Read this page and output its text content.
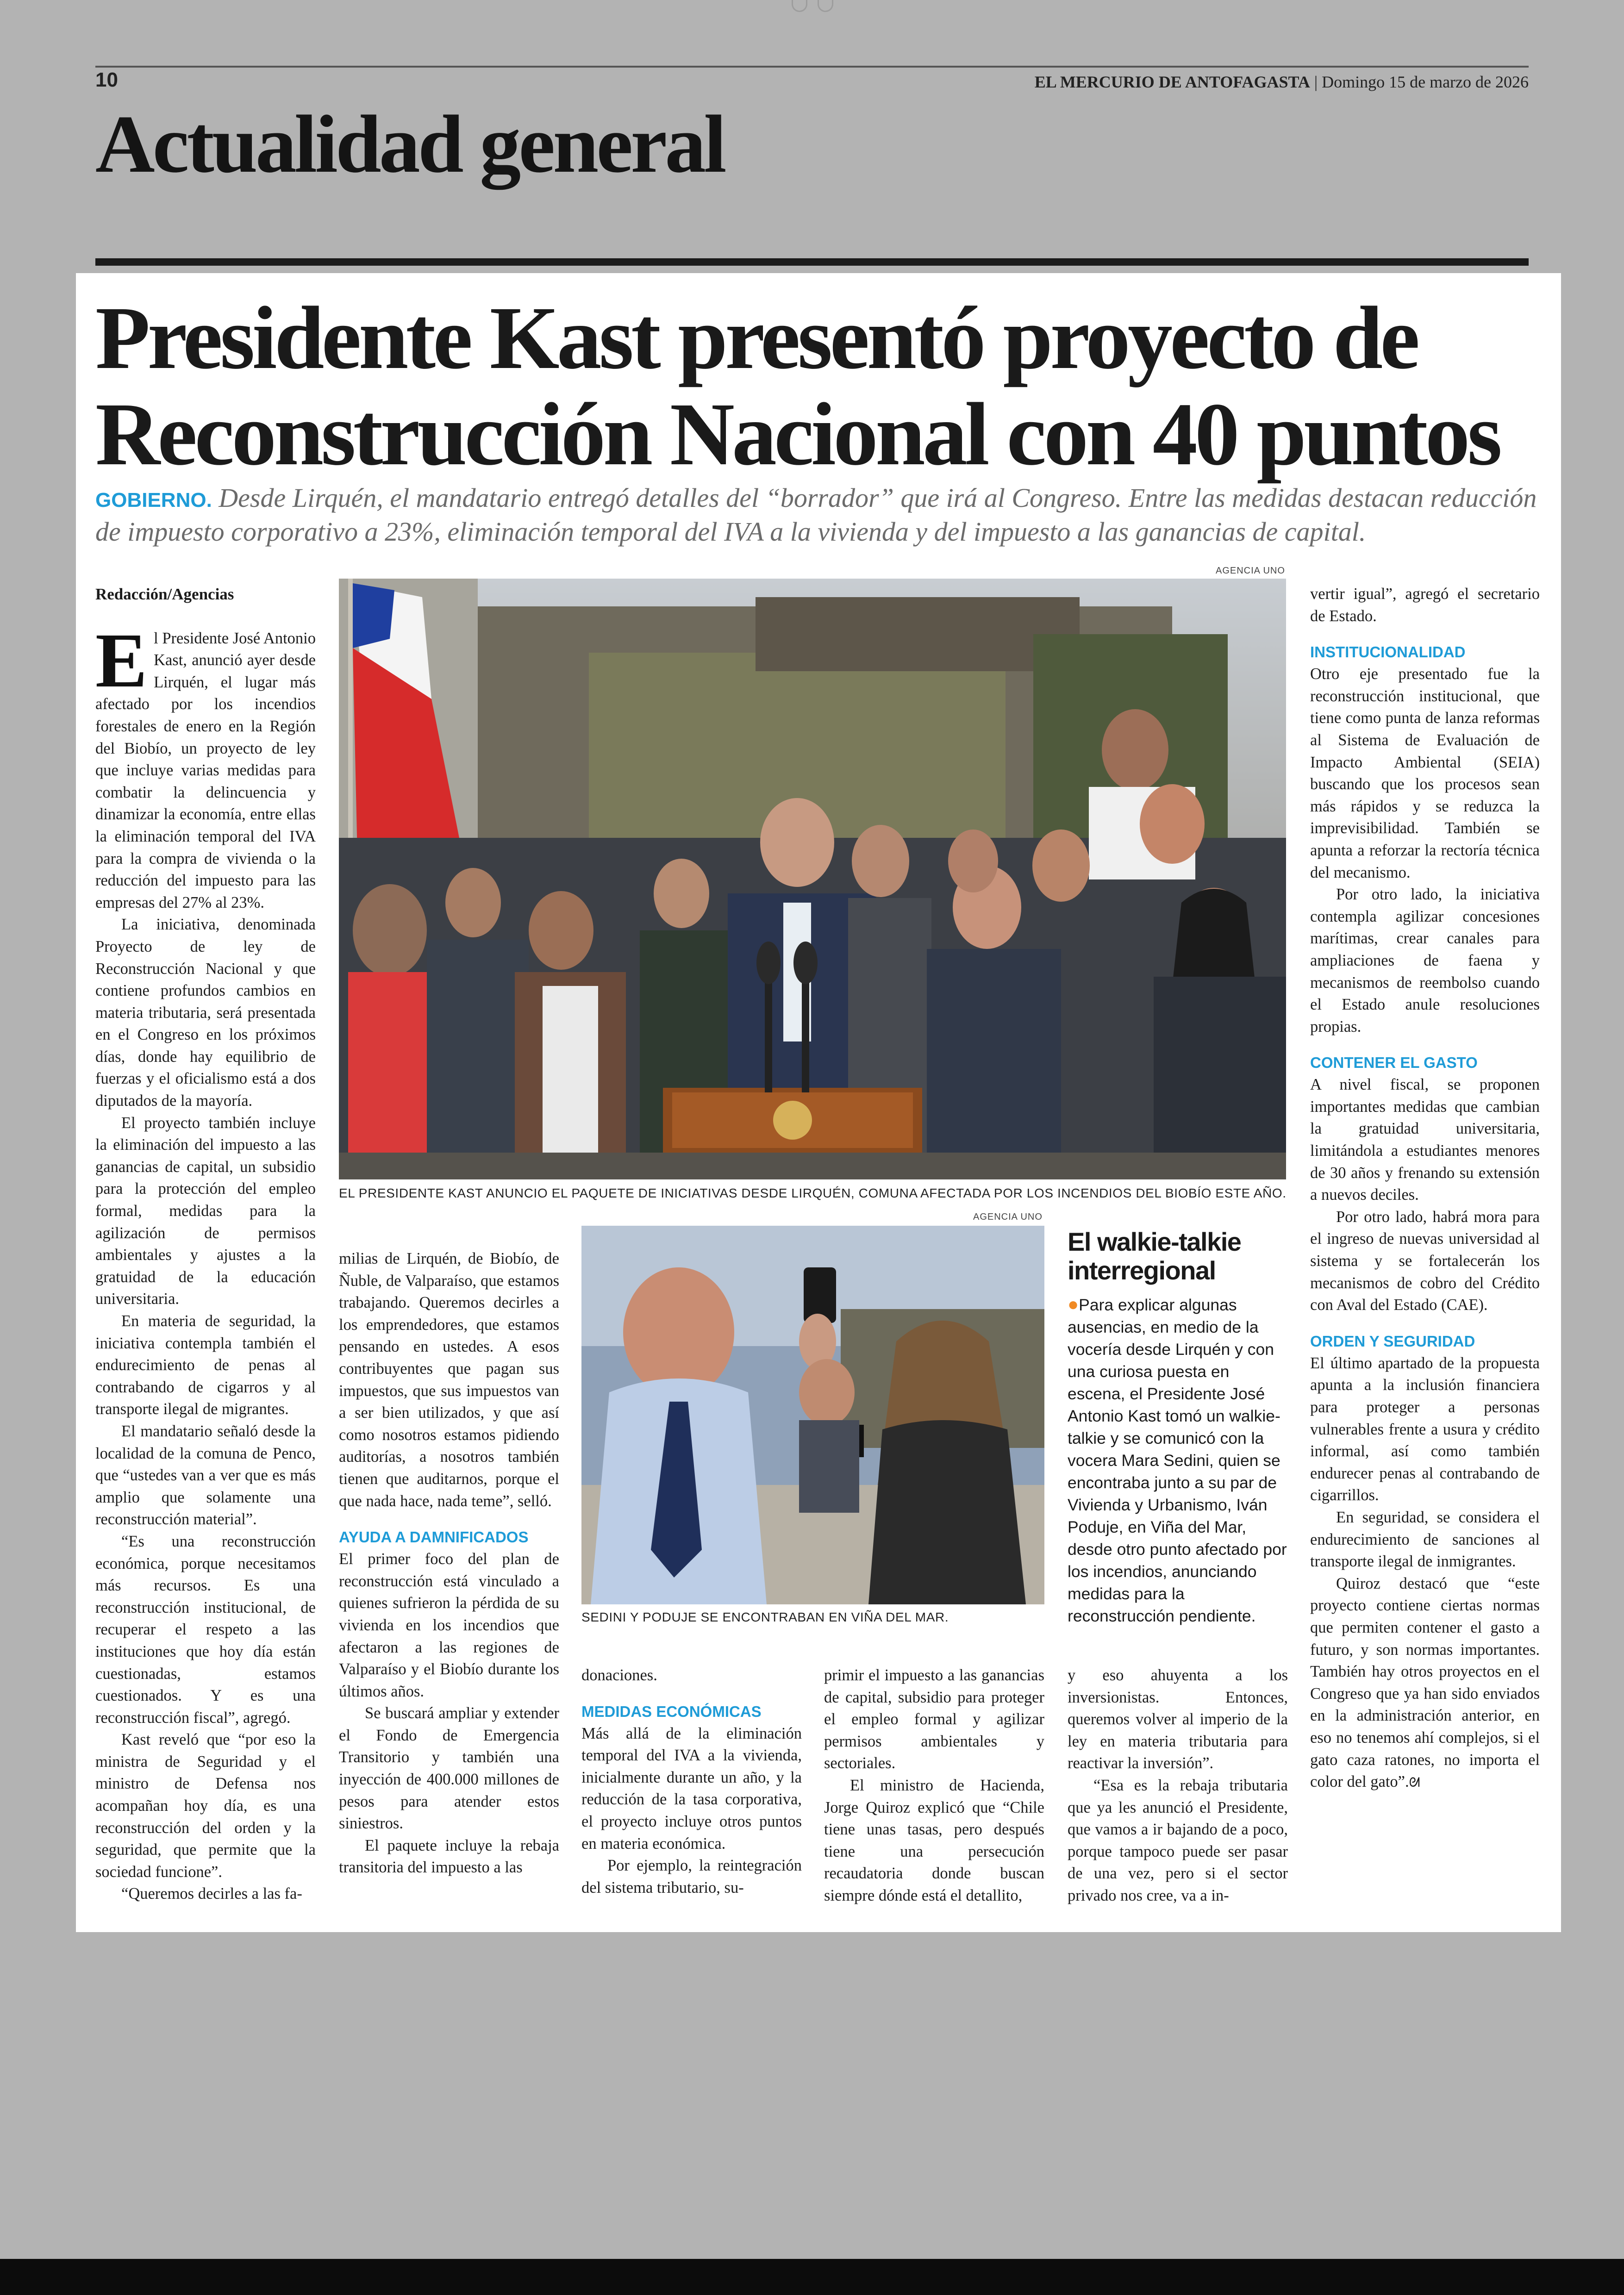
10	EL MERCURIO DE ANTOFAGASTA | Domingo 15 de marzo de 2026
Actualidad general
Presidente Kast presentó proyecto de
Reconstrucción Nacional con 40 puntos
GOBIERNO. Desde Lirquén, el mandatario entregó detalles del “borrador” que irá al Congreso. Entre las medidas destacan reducción de impuesto corporativo a 23%, eliminación temporal del IVA a la vivienda y del impuesto a las ganancias de capital.

Redacción/Agencias

El Presidente José Antonio Kast, anunció ayer desde Lirquén, el lugar más afectado por los incendios forestales de enero en la Región del Biobío, un proyecto de ley que incluye varias medidas para combatir la delincuencia y dinamizar la economía, entre ellas la eliminación temporal del IVA para la compra de vivienda o la reducción del impuesto para las empresas del 27% al 23%.

La iniciativa, denominada Proyecto de ley de Reconstrucción Nacional y que contiene profundos cambios en materia tributaria, será presentada en el Congreso en los próximos días, donde hay equilibrio de fuerzas y el oficialismo está a dos diputados de la mayoría.

El proyecto también incluye la eliminación del impuesto a las ganancias de capital, un subsidio para la protección del empleo formal, medidas para la agilización de permisos ambientales y ajustes a la gratuidad de la educación universitaria.

En materia de seguridad, la iniciativa contempla también el endurecimiento de penas al contrabando de cigarros y al transporte ilegal de migrantes.

El mandatario señaló desde la localidad de la comuna de Penco, que “ustedes van a ver que es más amplio que solamente una reconstrucción material”.

“Es una reconstrucción económica, porque necesitamos más recursos. Es una reconstrucción institucional, de recuperar el respeto a las instituciones que hoy día están cuestionadas, estamos cuestionados. Y es una reconstrucción fiscal”, agregó.

Kast reveló que “por eso la ministra de Seguridad y el ministro de Defensa nos acompañan hoy día, es una reconstrucción del orden y la seguridad, que permite que la sociedad funcione”.

“Queremos decirles a las fa-

AGENCIA UNO
EL PRESIDENTE KAST ANUNCIO EL PAQUETE DE INICIATIVAS DESDE LIRQUÉN, COMUNA AFECTADA POR LOS INCENDIOS DEL BIOBÍO ESTE AÑO.

milias de Lirquén, de Biobío, de Ñuble, de Valparaíso, que estamos trabajando. Queremos decirles a los emprendedores, que estamos pensando en ustedes. A esos contribuyentes que pagan sus impuestos, que sus impuestos van a ser bien utilizados, y que así como nosotros estamos pidiendo auditorías, a nosotros también tienen que auditarnos, porque el que nada hace, nada teme”, selló.

AYUDA A DAMNIFICADOS

El primer foco del plan de reconstrucción está vinculado a quienes sufrieron la pérdida de su vivienda en los incendios que afectaron a las regiones de Valparaíso y el Biobío durante los últimos años.

Se buscará ampliar y extender el Fondo de Emergencia Transitorio y también una inyección de 400.000 millones de pesos para atender estos siniestros.

El paquete incluye la rebaja transitoria del impuesto a las

AGENCIA UNO
SEDINI Y PODUJE SE ENCONTRABAN EN VIÑA DEL MAR.

donaciones.

MEDIDAS ECONÓMICAS

Más allá de la eliminación temporal del IVA a la vivienda, inicialmente durante un año, y la reducción de la tasa corporativa, el proyecto incluye otros puntos en materia económica.

Por ejemplo, la reintegración del sistema tributario, su-

primir el impuesto a las ganancias de capital, subsidio para proteger el empleo formal y agilizar permisos ambientales y sectoriales.

El ministro de Hacienda, Jorge Quiroz explicó que “Chile tiene unas tasas, pero después tiene una persecución recaudatoria donde buscan siempre dónde está el detallito,

El walkie-talkie interregional
●Para explicar algunas ausencias, en medio de la vocería desde Lirquén y con una curiosa puesta en escena, el Presidente José Antonio Kast tomó un walkie-talkie y se comunicó con la vocera Mara Sedini, quien se encontraba junto a su par de Vivienda y Urbanismo, Iván Poduje, en Viña del Mar, desde otro punto afectado por los incendios, anunciando medidas para la reconstrucción pendiente.

y eso ahuyenta a los inversionistas. Entonces, queremos volver al imperio de la ley en materia tributaria para reactivar la inversión”.

“Esa es la rebaja tributaria que ya les anunció el Presidente, que vamos a ir bajando de a poco, porque tampoco puede ser pasar de una vez, pero si el sector privado nos cree, va a in-

vertir igual”, agregó el secretario de Estado.

INSTITUCIONALIDAD

Otro eje presentado fue la reconstrucción institucional, que tiene como punta de lanza reformas al Sistema de Evaluación de Impacto Ambiental (SEIA) buscando que los procesos sean más rápidos y se reduzca la imprevisibilidad. También se apunta a reforzar la rectoría técnica del mecanismo.

Por otro lado, la iniciativa contempla agilizar concesiones marítimas, crear canales para ampliaciones de faena y mecanismos de reembolso cuando el Estado anule resoluciones propias.

CONTENER EL GASTO

A nivel fiscal, se proponen importantes medidas que cambian la gratuidad universitaria, limitándola a estudiantes menores de 30 años y frenando su extensión a nuevos deciles.

Por otro lado, habrá mora para el ingreso de nuevas universidad al sistema y se fortalecerán los mecanismos de cobro del Crédito con Aval del Estado (CAE).

ORDEN Y SEGURIDAD

El último apartado de la propuesta apunta a la inclusión financiera para proteger a personas vulnerables frente a usura y crédito informal, así como también endurecer penas al contrabando de cigarrillos.

En seguridad, se considera el endurecimiento de sanciones al transporte ilegal de inmigrantes.

Quiroz destacó que “este proyecto contiene ciertas normas que permiten contener el gasto a futuro, y son normas importantes. También hay otros proyectos en el Congreso que ya han sido enviados en la administración anterior, en eso no tenemos ahí complejos, si el gato caza ratones, no importa el color del gato”.ᘛ
